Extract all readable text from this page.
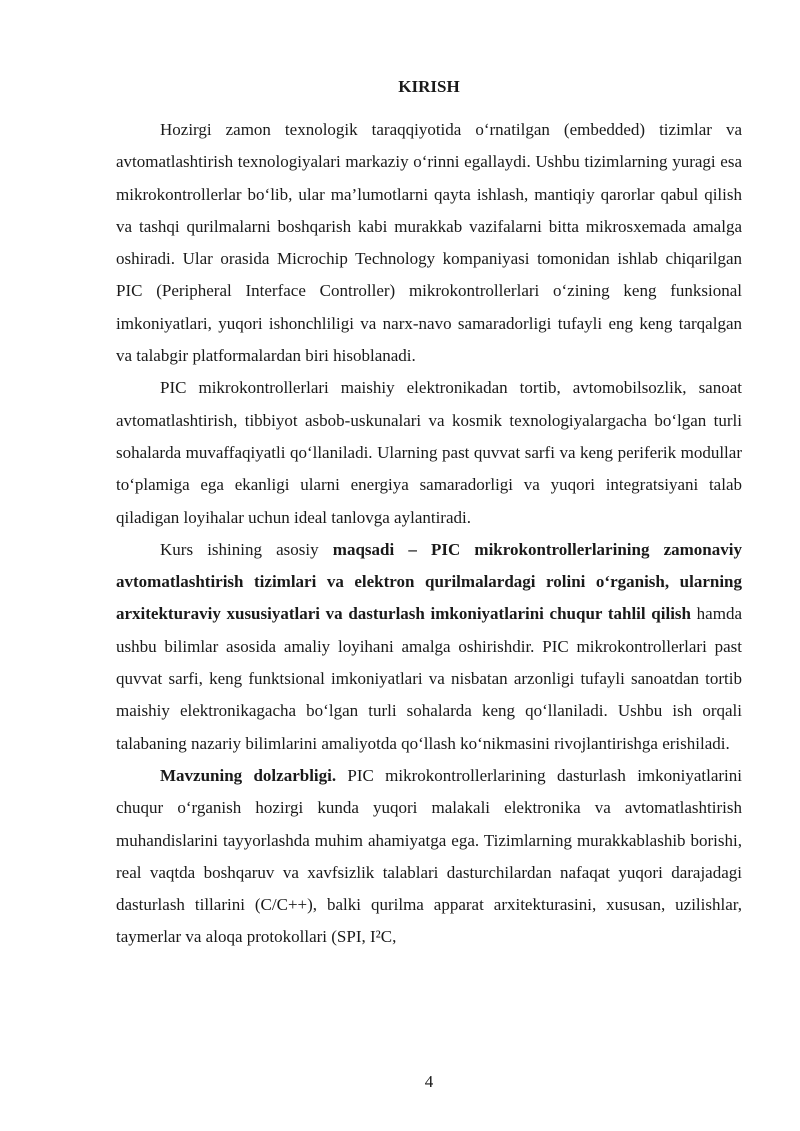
KIRISH

Hozirgi zamon texnologik taraqqiyotida o‘rnatilgan (embedded) tizimlar va avtomatlashtirish texnologiyalari markaziy o‘rinni egallaydi. Ushbu tizimlarning yuragi esa mikrokontrollerlar bo‘lib, ular ma’lumotlarni qayta ishlash, mantiqiy qarorlar qabul qilish va tashqi qurilmalarni boshqarish kabi murakkab vazifalarni bitta mikrosxemada amalga oshiradi. Ular orasida Microchip Technology kompaniyasi tomonidan ishlab chiqarilgan PIC (Peripheral Interface Controller) mikrokontrollerlari o‘zining keng funksional imkoniyatlari, yuqori ishonchliligi va narx-navo samaradorligi tufayli eng keng tarqalgan va talabgir platformalardan biri hisoblanadi.

PIC mikrokontrollerlari maishiy elektronikadan tortib, avtomobilsozlik, sanoat avtomatlashtirish, tibbiyot asbob-uskunalari va kosmik texnologiyalargacha bo‘lgan turli sohalarda muvaffaqiyatli qo‘llaniladi. Ularning past quvvat sarfi va keng periferik modullar to‘plamiga ega ekanligi ularni energiya samaradorligi va yuqori integratsiyani talab qiladigan loyihalar uchun ideal tanlovga aylantiradi.

Kurs ishining asosiy maqsadi – PIC mikrokontrollerlarining zamonaviy avtomatlashtirish tizimlari va elektron qurilmalardagi rolini o‘rganish, ularning arxitekturaviy xususiyatlari va dasturlash imkoniyatlarini chuqur tahlil qilish hamda ushbu bilimlar asosida amaliy loyihani amalga oshirishdir. PIC mikrokontrollerlari past quvvat sarfi, keng funktsional imkoniyatlari va nisbatan arzonligi tufayli sanoatdan tortib maishiy elektronikagacha bo‘lgan turli sohalarda keng qo‘llaniladi. Ushbu ish orqali talabaning nazariy bilimlarini amaliyotda qo‘llash ko‘nikmasini rivojlantirishga erishiladi.

Mavzuning dolzarbligi. PIC mikrokontrollerlarining dasturlash imkoniyatlarini chuqur o‘rganish hozirgi kunda yuqori malakali elektronika va avtomatlashtirish muhandislarini tayyorlashda muhim ahamiyatga ega. Tizimlarning murakkablashib borishi, real vaqtda boshqaruv va xavfsizlik talablari dasturchilardan nafaqat yuqori darajadagi dasturlash tillarini (C/C++), balki qurilma apparat arxitekturasini, xususan, uzilishlar, taymerlar va aloqa protokollari (SPI, I²C,

4
